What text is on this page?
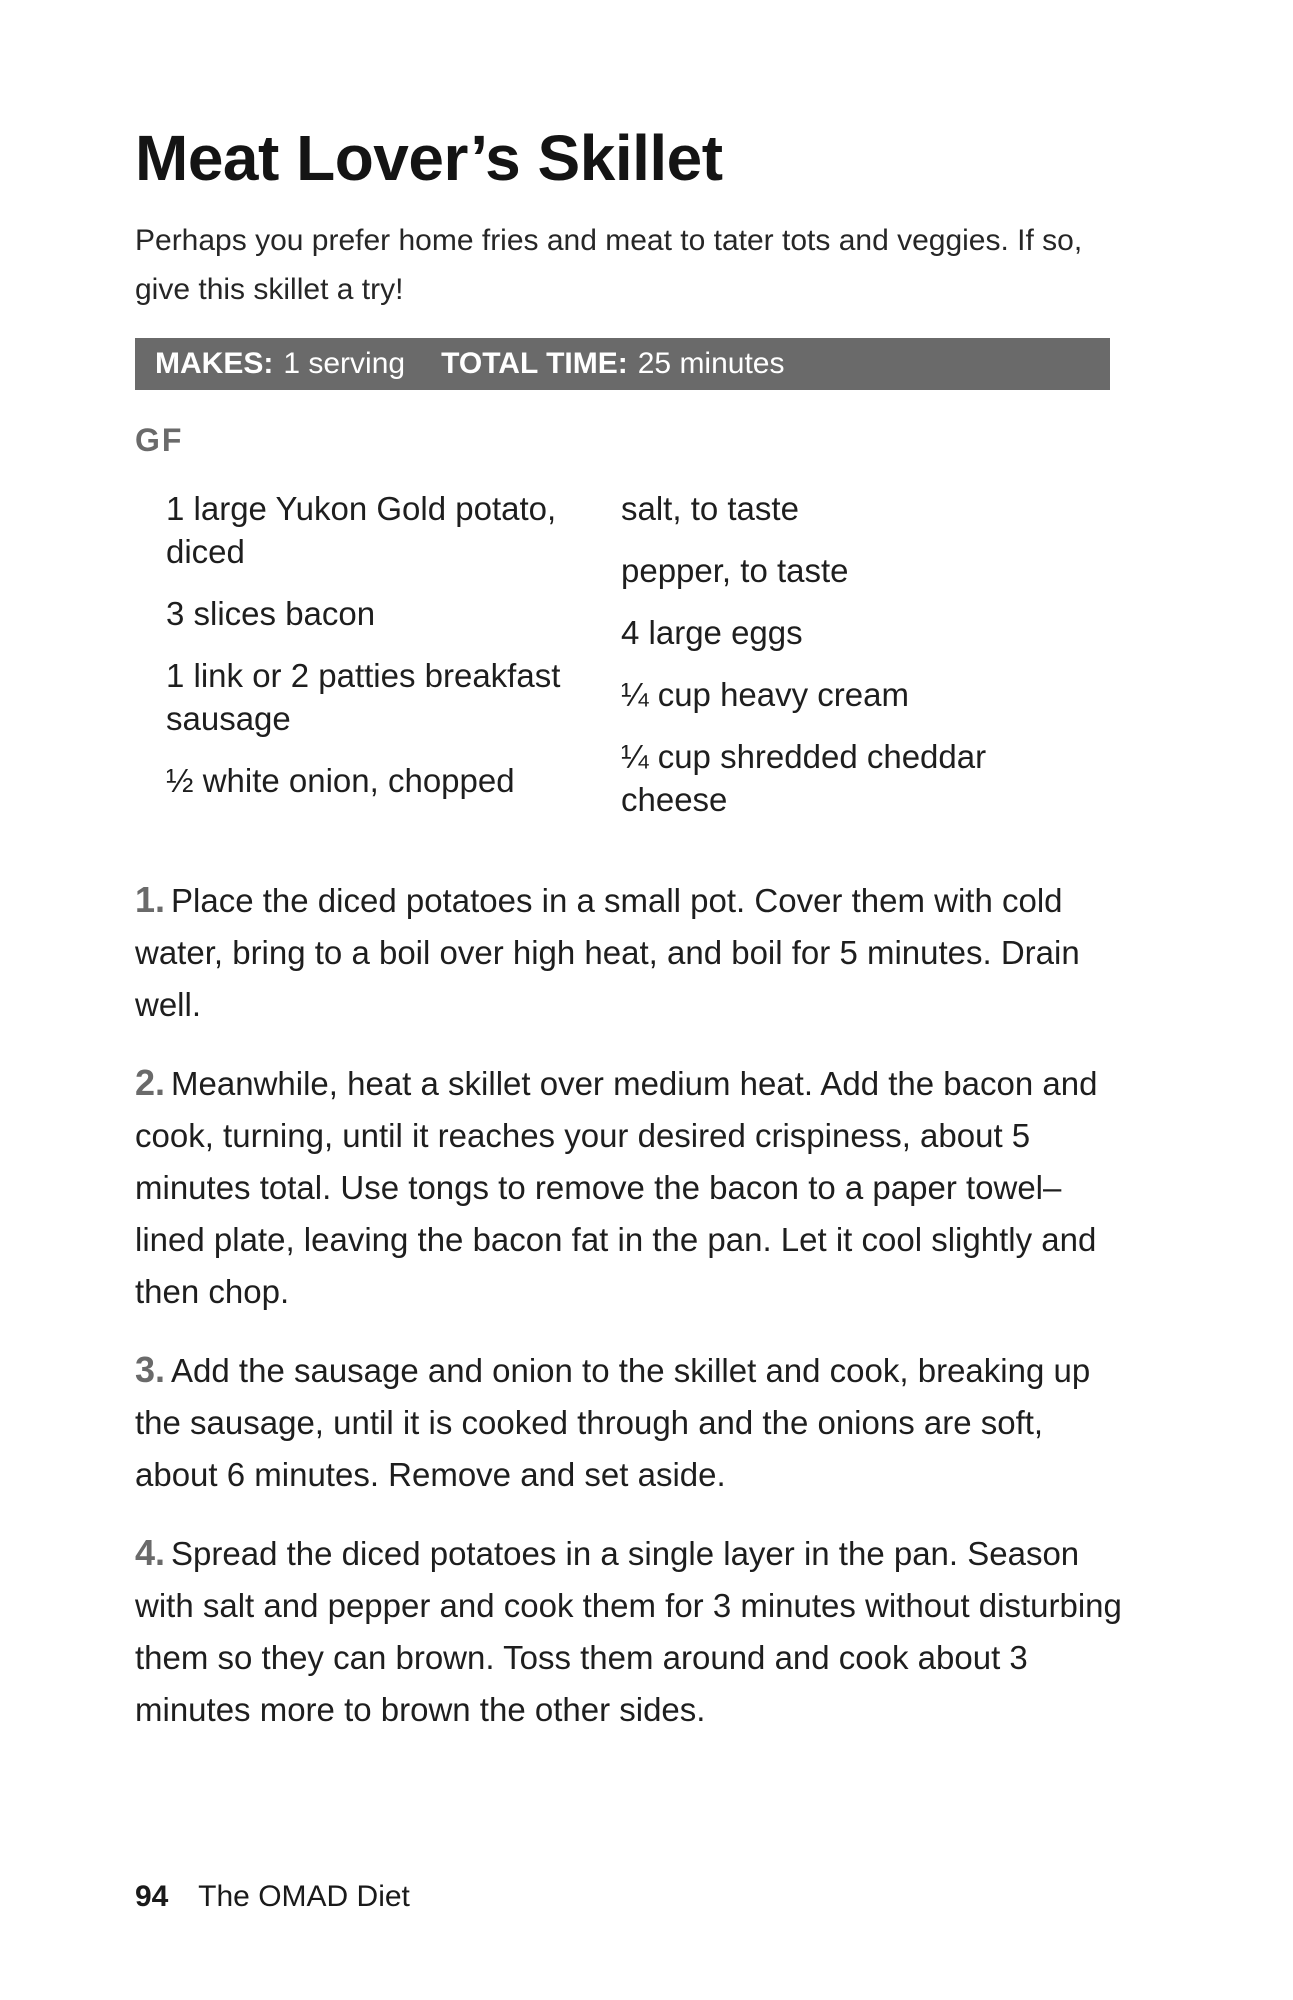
Meat Lover’s Skillet
Perhaps you prefer home fries and meat to tater tots and veggies. If so, give this skillet a try!
MAKES: 1 serving TOTAL TIME: 25 minutes
GF
1 large Yukon Gold potato, diced
3 slices bacon
1 link or 2 patties breakfast sausage
½ white onion, chopped
salt, to taste
pepper, to taste
4 large eggs
¼ cup heavy cream
¼ cup shredded cheddar cheese
1. Place the diced potatoes in a small pot. Cover them with cold water, bring to a boil over high heat, and boil for 5 minutes. Drain well.
2. Meanwhile, heat a skillet over medium heat. Add the bacon and cook, turning, until it reaches your desired crispiness, about 5 minutes total. Use tongs to remove the bacon to a paper towel–lined plate, leaving the bacon fat in the pan. Let it cool slightly and then chop.
3. Add the sausage and onion to the skillet and cook, breaking up the sausage, until it is cooked through and the onions are soft, about 6 minutes. Remove and set aside.
4. Spread the diced potatoes in a single layer in the pan. Season with salt and pepper and cook them for 3 minutes without disturbing them so they can brown. Toss them around and cook about 3 minutes more to brown the other sides.
94 The OMAD Diet
